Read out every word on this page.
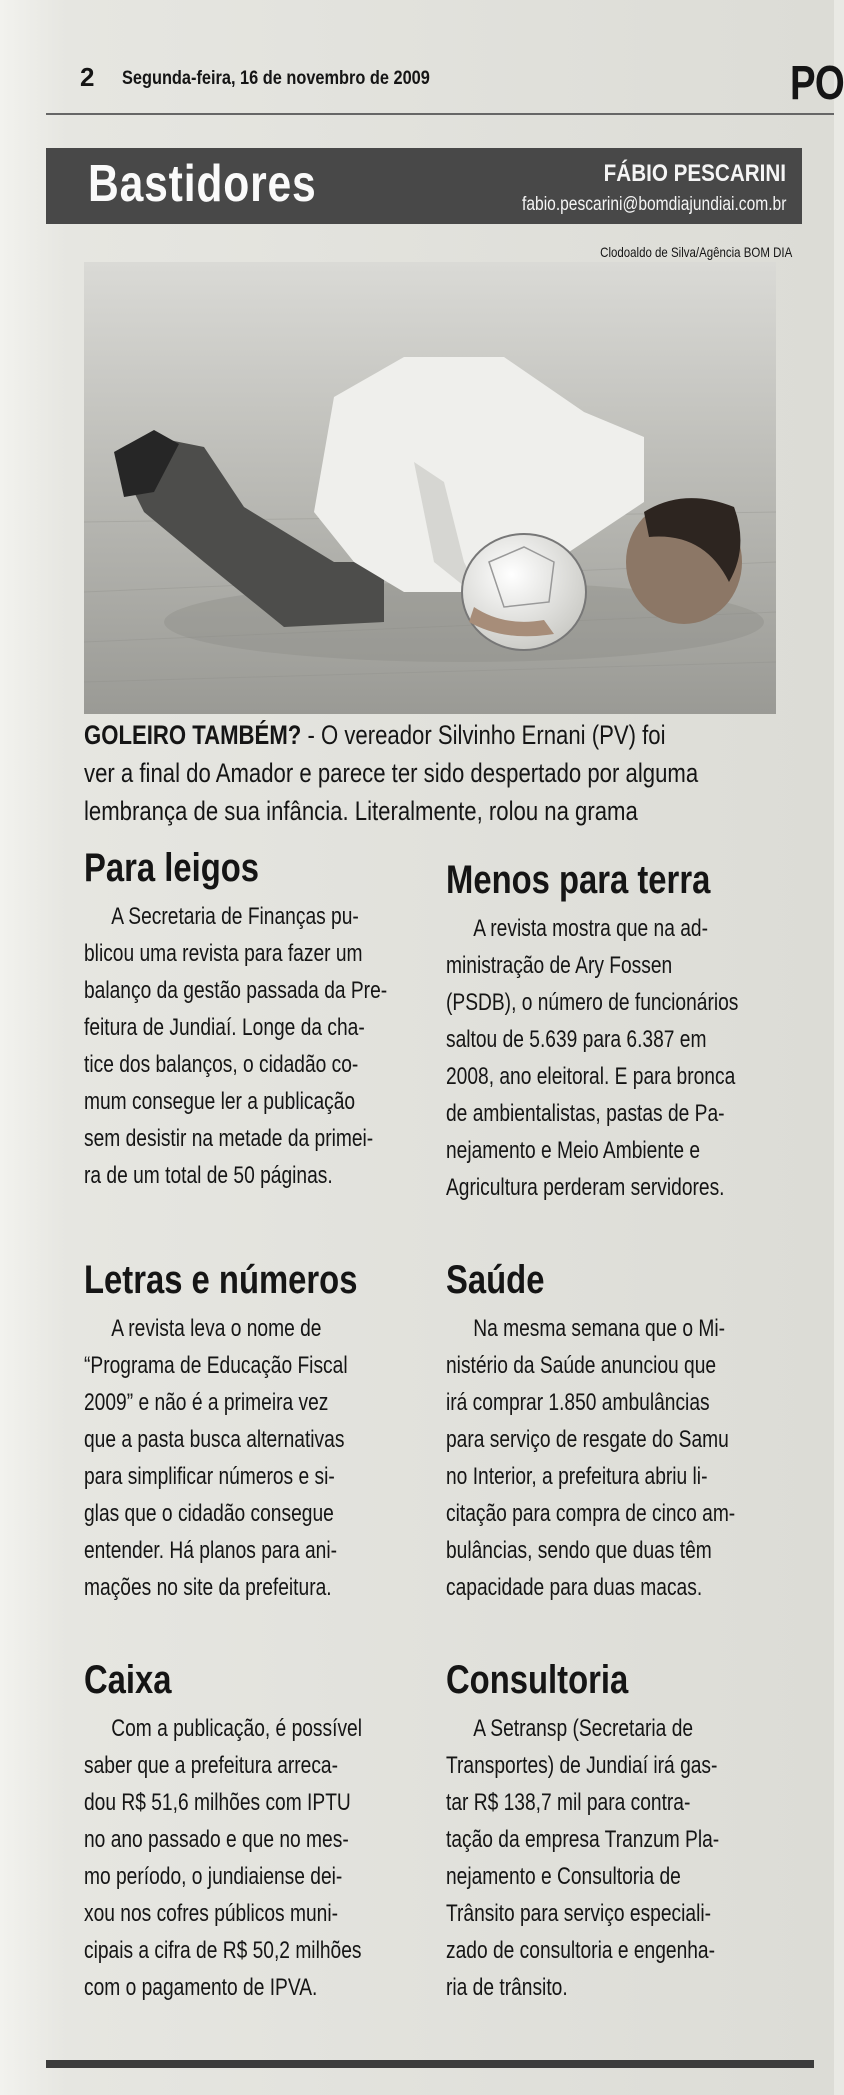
2 Segunda-feira, 16 de novembro de 2009	PO
Bastidores	FÁBIO PESCARINI
fabio.pescarini@bomdiajundiai.com.br
Clodoaldo de Silva/Agência BOM DIA
GOLEIRO TAMBÉM? - O vereador Silvinho Ernani (PV) foi
ver a final do Amador e parece ter sido despertado por alguma
lembrança de sua infância. Literalmente, rolou na grama
Para leigos
A Secretaria de Finanças pu-
blicou uma revista para fazer um
balanço da gestão passada da Pre-
feitura de Jundiaí. Longe da cha-
tice dos balanços, o cidadão co-
mum consegue ler a publicação
sem desistir na metade da primei-
ra de um total de 50 páginas.
Menos para terra
A revista mostra que na ad-
ministração de Ary Fossen
(PSDB), o número de funcionários
saltou de 5.639 para 6.387 em
2008, ano eleitoral. E para bronca
de ambientalistas, pastas de Pa-
nejamento e Meio Ambiente e
Agricultura perderam servidores.
Letras e números
A revista leva o nome de
“Programa de Educação Fiscal
2009” e não é a primeira vez
que a pasta busca alternativas
para simplificar números e si-
glas que o cidadão consegue
entender. Há planos para ani-
mações no site da prefeitura.
Saúde
Na mesma semana que o Mi-
nistério da Saúde anunciou que
irá comprar 1.850 ambulâncias
para serviço de resgate do Samu
no Interior, a prefeitura abriu li-
citação para compra de cinco am-
bulâncias, sendo que duas têm
capacidade para duas macas.
Caixa
Com a publicação, é possível
saber que a prefeitura arreca-
dou R$ 51,6 milhões com IPTU
no ano passado e que no mes-
mo período, o jundiaiense dei-
xou nos cofres públicos muni-
cipais a cifra de R$ 50,2 milhões
com o pagamento de IPVA.
Consultoria
A Setransp (Secretaria de
Transportes) de Jundiaí irá gas-
tar R$ 138,7 mil para contra-
tação da empresa Tranzum Pla-
nejamento e Consultoria de
Trânsito para serviço especiali-
zado de consultoria e engenha-
ria de trânsito.
